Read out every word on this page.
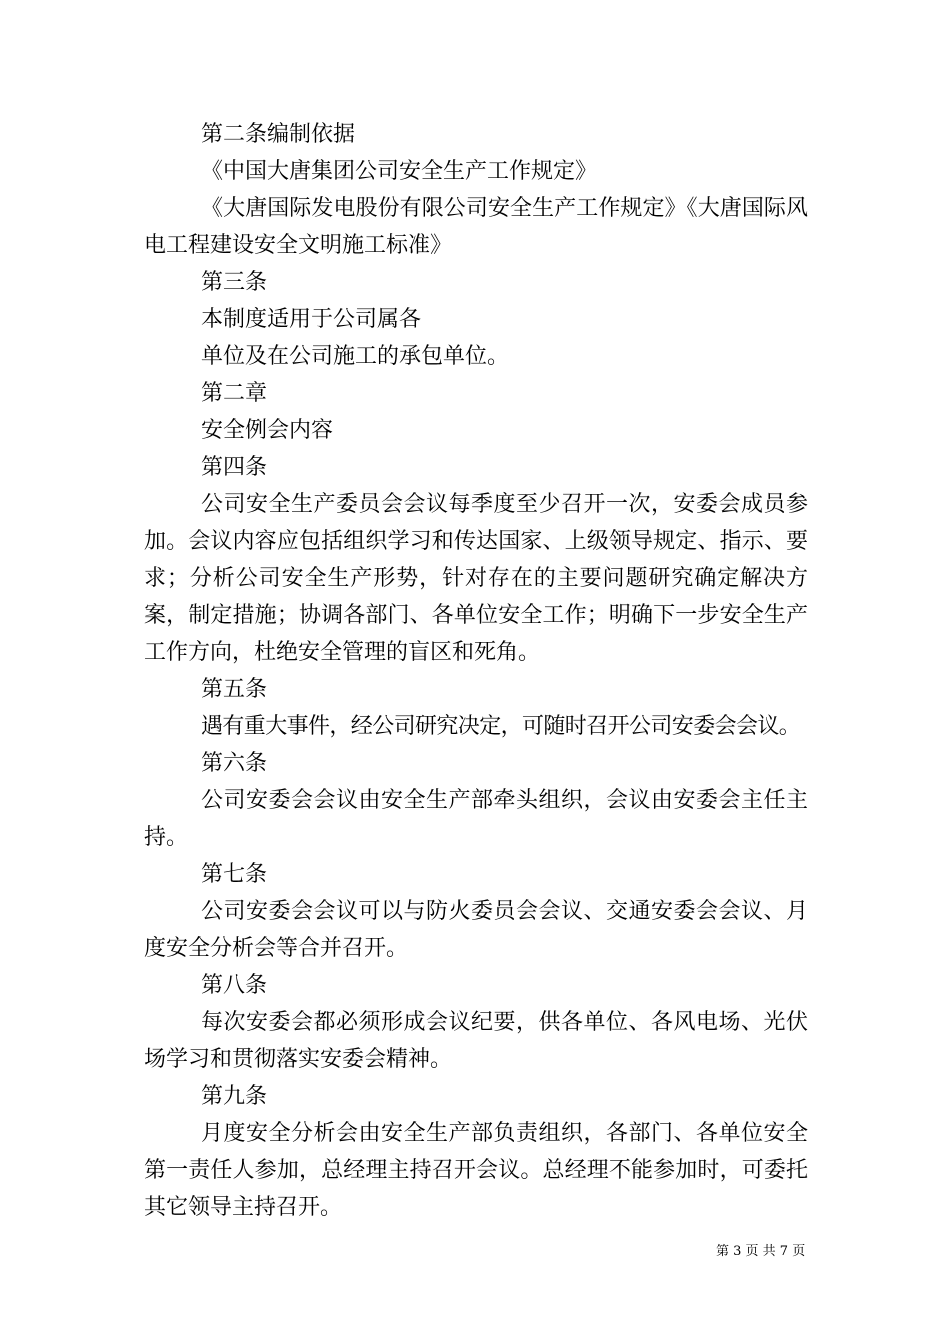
第二条编制依据

《中国大唐集团公司安全生产工作规定》

《大唐国际发电股份有限公司安全生产工作规定》《大唐国际风电工程建设安全文明施工标准》

第三条

本制度适用于公司属各

单位及在公司施工的承包单位。

第二章

安全例会内容

第四条

公司安全生产委员会会议每季度至少召开一次，安委会成员参加。会议内容应包括组织学习和传达国家、上级领导规定、指示、要求；分析公司安全生产形势，针对存在的主要问题研究确定解决方案，制定措施；协调各部门、各单位安全工作；明确下一步安全生产工作方向，杜绝安全管理的盲区和死角。

第五条

遇有重大事件，经公司研究决定，可随时召开公司安委会会议。

第六条

公司安委会会议由安全生产部牵头组织，会议由安委会主任主持。

第七条

公司安委会会议可以与防火委员会会议、交通安委会会议、月度安全分析会等合并召开。

第八条

每次安委会都必须形成会议纪要，供各单位、各风电场、光伏场学习和贯彻落实安委会精神。

第九条

月度安全分析会由安全生产部负责组织，各部门、各单位安全第一责任人参加，总经理主持召开会议。总经理不能参加时，可委托其它领导主持召开。

第 3 页 共 7 页
